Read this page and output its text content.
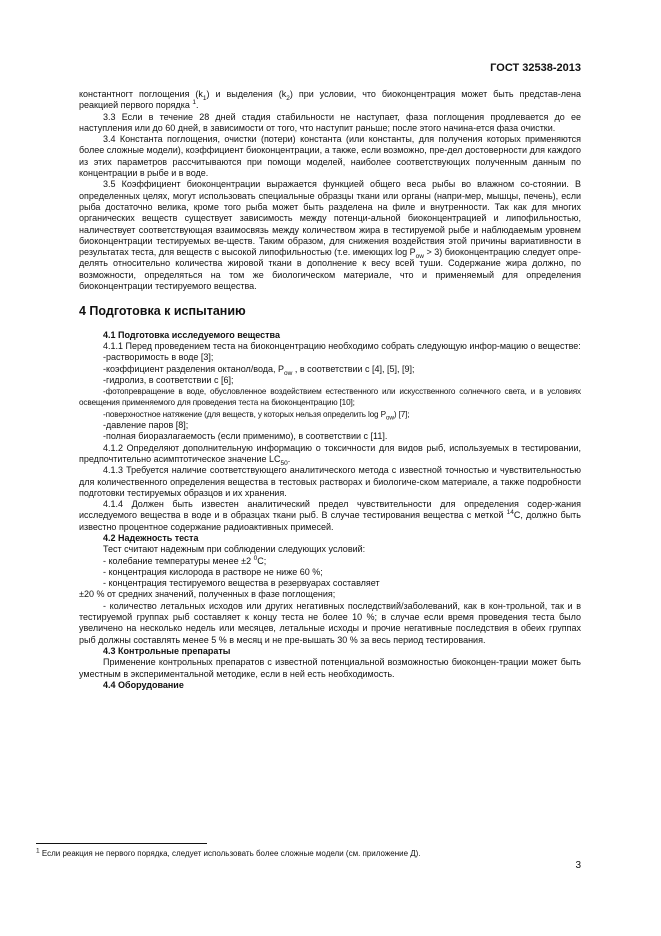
ГОСТ 32538-2013

константногт поглощения $(k_1)$ и выделения $(k_2)$ при условии, что биоконцентрация может быть представ-лена реакцией первого порядка $^1$.

3.3 Если в течение 28 дней стадия стабильности не наступает, фаза поглощения продлевается до ее наступления или до 60 дней, в зависимости от того, что наступит раньше; после этого начина-ется фаза очистки.

3.4 Константа поглощения, очистки (потери) константа (или константы, для получения которых применяются более сложные модели), коэффициент биоконцентрации, а также, если возможно, пре-дел достоверности для каждого из этих параметров рассчитываются при помощи моделей, наиболее соответствующих полученным данным по концентрации в рыбе и в воде.

3.5 Коэффициент биоконцентрации выражается функцией общего веса рыбы во влажном со-стоянии. В определенных целях, могут использовать специальные образцы ткани или органы (напри-мер, мышцы, печень), если рыба достаточно велика, кроме того рыба может быть разделена на филе и внутренности. Так как для многих органических веществ существует зависимость между потенци-альной биоконцентрацией и липофильностью, наличествует соответствующая взаимосвязь между количеством жира в тестируемой рыбе и наблюдаемым уровнем биоконцентрации тестируемых ве-ществ. Таким образом, для снижения воздействия этой причины вариативности в результатах теста, для веществ с высокой липофильностью (т.е. имеющих $\log P_{ow} > 3$) биоконцентрацию следует опре-делять относительно количества жировой ткани в дополнение к весу всей туши. Содержание жира должно, по возможности, определяться на том же биологическом материале, что и применяемый для определения биоконцентрации тестируемого вещества.

4 Подготовка к испытанию

4.1 Подготовка исследуемого вещества

4.1.1 Перед проведением теста на биоконцентрацию необходимо собрать следующую инфор-мацию о веществе:

-растворимость в воде [3];

-коэффициент разделения октанол/вода, $P_{ow}$ , в соответствии с [4], [5], [9];

-гидролиз, в соответствии с [6];

-фотопревращение в воде, обусловленное воздействием естественного или искусственного солнечного света, и в условиях освещения применяемого для проведения теста на биоконцентрацию [10];

-поверхностное натяжение (для веществ, у которых нельзя определить $\log P_{ow}$) [7];

-давление паров [8];

-полная биоразлагаемость (если применимо), в соответствии с [11].

4.1.2 Определяют дополнительную информацию о токсичности для видов рыб, используемых в тестировании, предпочтительно асимптотическое значение $LC_{50}$.

4.1.3 Требуется наличие соответствующего аналитического метода с известной точностью и чувствительностью для количественного определения вещества в тестовых растворах и биологиче-ском материале, а также подробности подготовки тестируемых образцов и их хранения.

4.1.4 Должен быть известен аналитический предел чувствительности для определения содер-жания исследуемого вещества в воде и в образцах ткани рыб. В случае тестирования вещества с меткой $^{14}$C, должно быть известно процентное содержание радиоактивных примесей.

4.2 Надежность теста

Тест считают надежным при соблюдении следующих условий:

- колебание температуры менее ±2 $^0$C;

- концентрация кислорода в растворе не ниже 60 %;

- концентрация тестируемого вещества в резервуарах составляет

±20 % от средних значений, полученных в фазе поглощения;

- количество летальных исходов или других негативных последствий/заболеваний, как в кон-трольной, так и в тестируемой группах рыб составляет к концу теста не более 10 %; в случае если время проведения теста было увеличено на несколько недель или месяцев, летальные исходы и прочие негативные последствия в обеих группах рыб должны составлять менее 5 % в месяц и не пре-вышать 30 % за весь период тестирования.

4.3 Контрольные препараты

Применение контрольных препаратов с известной потенциальной возможностью биоконцен-трации может быть уместным в экспериментальной методике, если в ней есть необходимость.

4.4 Оборудование

$^1$ Если реакция не первого порядка, следует использовать более сложные модели (см. приложение Д).

3
